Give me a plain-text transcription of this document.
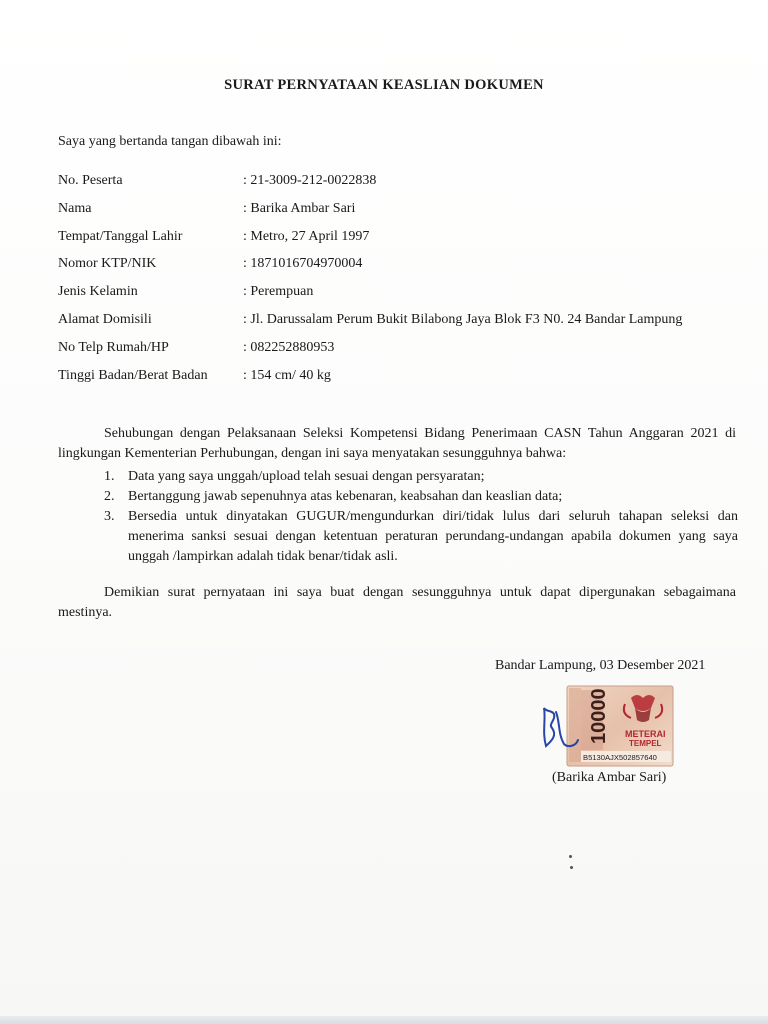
SURAT PERNYATAAN KEASLIAN DOKUMEN
Saya yang bertanda tangan dibawah ini:
No. Peserta	: 21-3009-212-0022838
Nama	: Barika Ambar Sari
Tempat/Tanggal Lahir	: Metro, 27 April 1997
Nomor KTP/NIK	: 1871016704970004
Jenis Kelamin	: Perempuan
Alamat Domisili	: Jl. Darussalam Perum Bukit Bilabong Jaya Blok F3 N0. 24 Bandar Lampung
No Telp Rumah/HP	: 082252880953
Tinggi Badan/Berat Badan	: 154 cm/ 40 kg

Sehubungan dengan Pelaksanaan Seleksi Kompetensi Bidang Penerimaan CASN Tahun Anggaran 2021 di lingkungan Kementerian Perhubungan, dengan ini saya menyatakan sesungguhnya bahwa:

1. Data yang saya unggah/upload telah sesuai dengan persyaratan;
2. Bertanggung jawab sepenuhnya atas kebenaran, keabsahan dan keaslian data;
3. Bersedia untuk dinyatakan GUGUR/mengundurkan diri/tidak lulus dari seluruh tahapan seleksi dan menerima sanksi sesuai dengan ketentuan peraturan perundang-undangan apabila dokumen yang saya unggah /lampirkan adalah tidak benar/tidak asli.

Demikian surat pernyataan ini saya buat dengan sesungguhnya untuk dapat dipergunakan sebagaimana mestinya.

Bandar Lampung, 03 Desember 2021
10000 METERAI
TEMPEL
B5130AJX502857640
(Barika Ambar Sari)
